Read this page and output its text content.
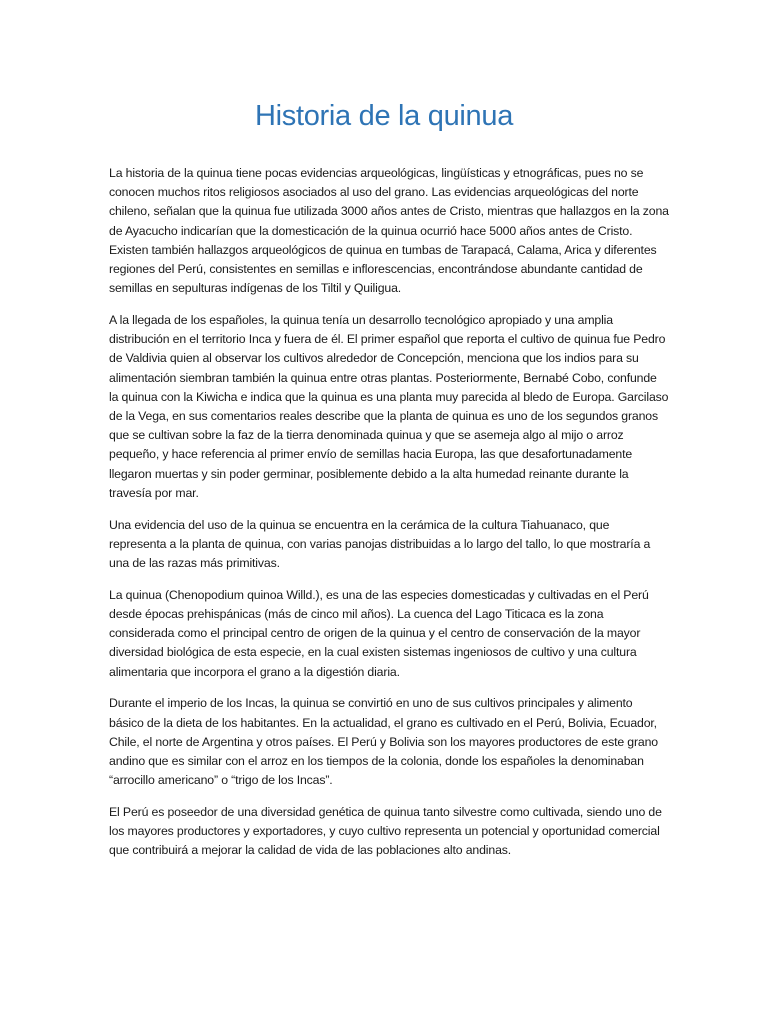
Historia de la quinua

La historia de la quinua tiene pocas evidencias arqueológicas, lingüísticas y etnográficas, pues no se conocen muchos ritos religiosos asociados al uso del grano. Las evidencias arqueológicas del norte chileno, señalan que la quinua fue utilizada 3000 años antes de Cristo, mientras que hallazgos en la zona de Ayacucho indicarían que la domesticación de la quinua ocurrió hace 5000 años antes de Cristo. Existen también hallazgos arqueológicos de quinua en tumbas de Tarapacá, Calama, Arica y diferentes regiones del Perú, consistentes en semillas e inflorescencias, encontrándose abundante cantidad de semillas en sepulturas indígenas de los Tiltil y Quiligua.

A la llegada de los españoles, la quinua tenía un desarrollo tecnológico apropiado y una amplia distribución en el territorio Inca y fuera de él. El primer español que reporta el cultivo de quinua fue Pedro de Valdivia quien al observar los cultivos alrededor de Concepción, menciona que los indios para su alimentación siembran también la quinua entre otras plantas. Posteriormente, Bernabé Cobo, confunde la quinua con la Kiwicha e indica que la quinua es una planta muy parecida al bledo de Europa. Garcilaso de la Vega, en sus comentarios reales describe que la planta de quinua es uno de los segundos granos que se cultivan sobre la faz de la tierra denominada quinua y que se asemeja algo al mijo o arroz pequeño, y hace referencia al primer envío de semillas hacia Europa, las que desafortunadamente llegaron muertas y sin poder germinar, posiblemente debido a la alta humedad reinante durante la travesía por mar.

Una evidencia del uso de la quinua se encuentra en la cerámica de la cultura Tiahuanaco, que representa a la planta de quinua, con varias panojas distribuidas a lo largo del tallo, lo que mostraría a una de las razas más primitivas.

La quinua (Chenopodium quinoa Willd.), es una de las especies domesticadas y cultivadas en el Perú desde épocas prehispánicas (más de cinco mil años). La cuenca del Lago Titicaca es la zona considerada como el principal centro de origen de la quinua y el centro de conservación de la mayor diversidad biológica de esta especie, en la cual existen sistemas ingeniosos de cultivo y una cultura alimentaria que incorpora el grano a la digestión diaria.

Durante el imperio de los Incas, la quinua se convirtió en uno de sus cultivos principales y alimento básico de la dieta de los habitantes. En la actualidad, el grano es cultivado en el Perú, Bolivia, Ecuador, Chile, el norte de Argentina y otros países. El Perú y Bolivia son los mayores productores de este grano andino que es similar con el arroz en los tiempos de la colonia, donde los españoles la denominaban “arrocillo americano” o “trigo de los Incas”.

El Perú es poseedor de una diversidad genética de quinua tanto silvestre como cultivada, siendo uno de los mayores productores y exportadores, y cuyo cultivo representa un potencial y oportunidad comercial que contribuirá a mejorar la calidad de vida de las poblaciones alto andinas.
